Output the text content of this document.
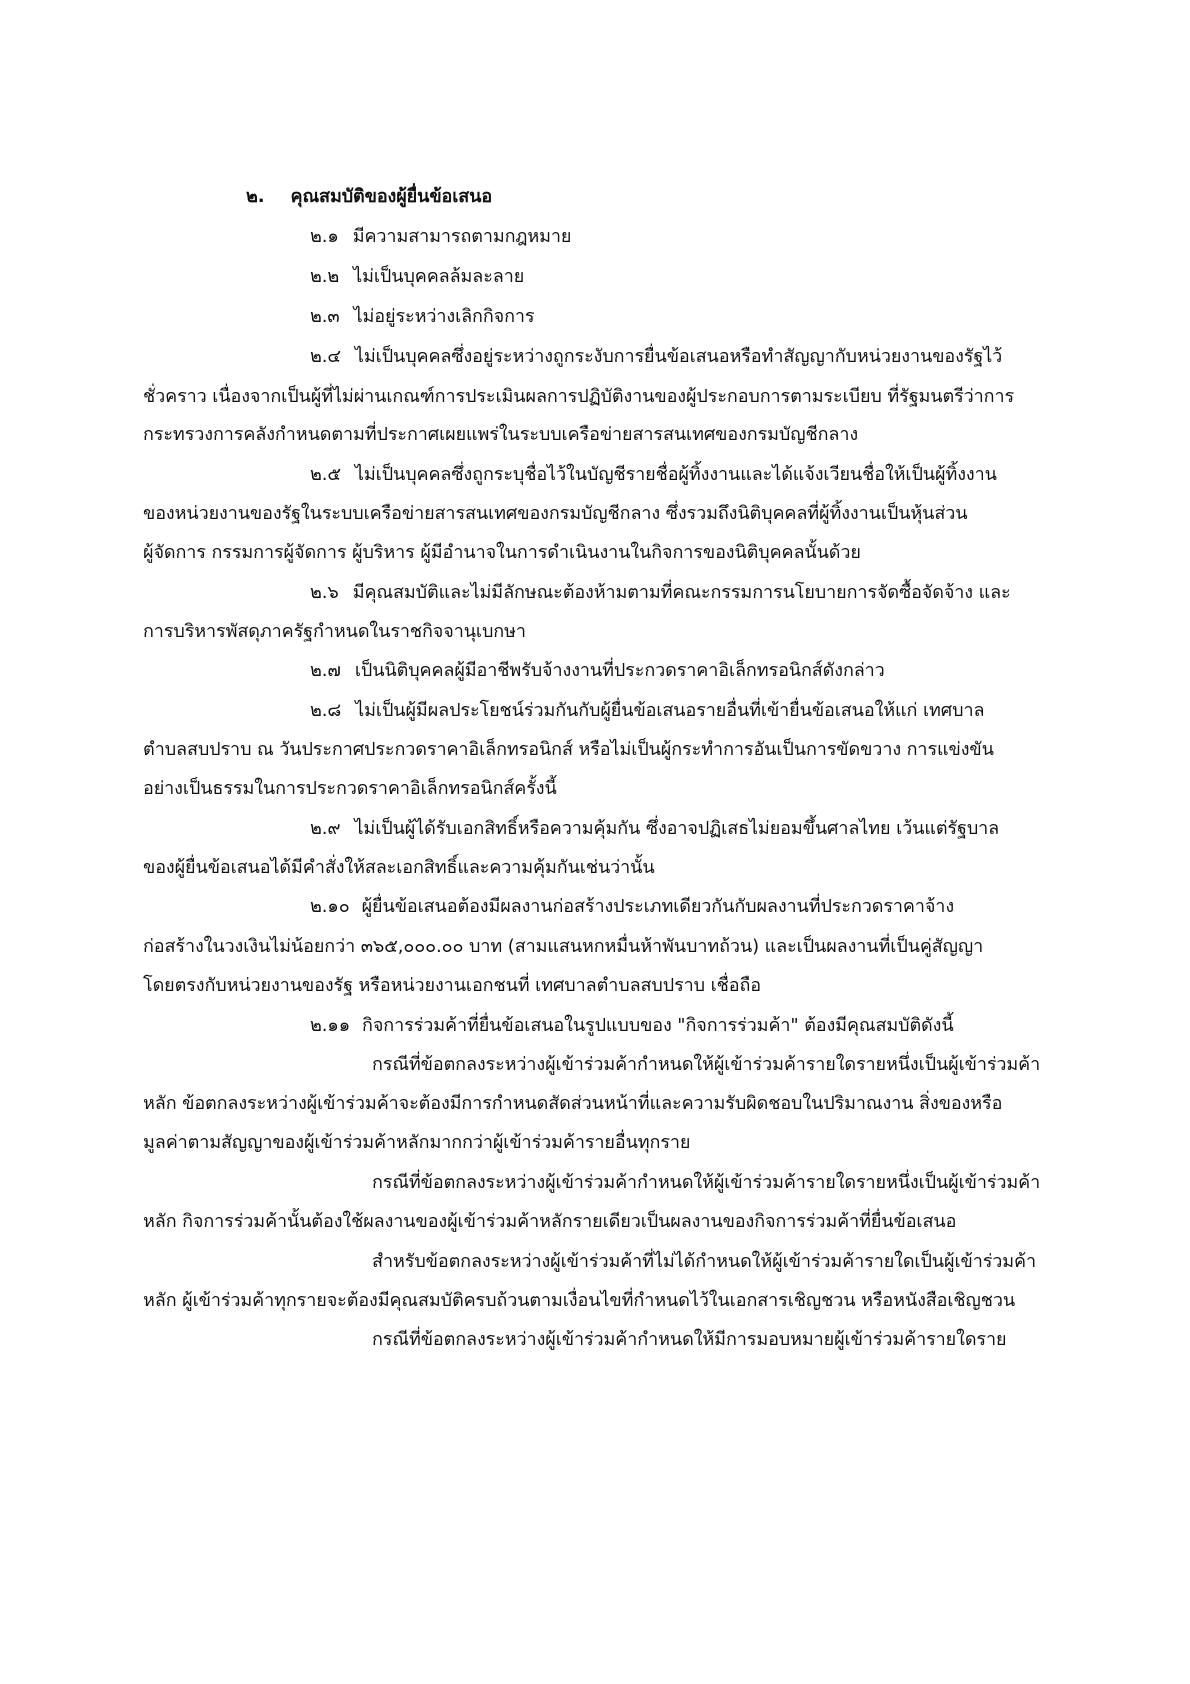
๒. คุณสมบัติของผู้ยื่นข้อเสนอ
๒.๑ มีความสามารถตามกฎหมาย
๒.๒ ไม่เป็นบุคคลล้มละลาย
๒.๓ ไม่อยู่ระหว่างเลิกกิจการ
๒.๔ ไม่เป็นบุคคลซึ่งอยู่ระหว่างถูกระงับการยื่นข้อเสนอหรือทำสัญญากับหน่วยงานของรัฐไว้
ชั่วคราว เนื่องจากเป็นผู้ที่ไม่ผ่านเกณฑ์การประเมินผลการปฏิบัติงานของผู้ประกอบการตามระเบียบ ที่รัฐมนตรีว่าการ
กระทรวงการคลังกำหนดตามที่ประกาศเผยแพร่ในระบบเครือข่ายสารสนเทศของกรมบัญชีกลาง
๒.๕ ไม่เป็นบุคคลซึ่งถูกระบุชื่อไว้ในบัญชีรายชื่อผู้ทิ้งงานและได้แจ้งเวียนชื่อให้เป็นผู้ทิ้งงาน
ของหน่วยงานของรัฐในระบบเครือข่ายสารสนเทศของกรมบัญชีกลาง ซึ่งรวมถึงนิติบุคคลที่ผู้ทิ้งงานเป็นหุ้นส่วน
ผู้จัดการ กรรมการผู้จัดการ ผู้บริหาร ผู้มีอำนาจในการดำเนินงานในกิจการของนิติบุคคลนั้นด้วย
๒.๖ มีคุณสมบัติและไม่มีลักษณะต้องห้ามตามที่คณะกรรมการนโยบายการจัดซื้อจัดจ้าง และ
การบริหารพัสดุภาครัฐกำหนดในราชกิจจานุเบกษา
๒.๗ เป็นนิติบุคคลผู้มีอาชีพรับจ้างงานที่ประกวดราคาอิเล็กทรอนิกส์ดังกล่าว
๒.๘ ไม่เป็นผู้มีผลประโยชน์ร่วมกันกับผู้ยื่นข้อเสนอรายอื่นที่เข้ายื่นข้อเสนอให้แก่ เทศบาล
ตำบลสบปราบ ณ วันประกาศประกวดราคาอิเล็กทรอนิกส์ หรือไม่เป็นผู้กระทำการอันเป็นการขัดขวาง การแข่งขัน
อย่างเป็นธรรมในการประกวดราคาอิเล็กทรอนิกส์ครั้งนี้
๒.๙ ไม่เป็นผู้ได้รับเอกสิทธิ์หรือความคุ้มกัน ซึ่งอาจปฏิเสธไม่ยอมขึ้นศาลไทย เว้นแต่รัฐบาล
ของผู้ยื่นข้อเสนอได้มีคำสั่งให้สละเอกสิทธิ์และความคุ้มกันเช่นว่านั้น
๒.๑๐ ผู้ยื่นข้อเสนอต้องมีผลงานก่อสร้างประเภทเดียวกันกับผลงานที่ประกวดราคาจ้าง
ก่อสร้างในวงเงินไม่น้อยกว่า ๓๖๕,๐๐๐.๐๐ บาท (สามแสนหกหมื่นห้าพันบาทถ้วน) และเป็นผลงานที่เป็นคู่สัญญา
โดยตรงกับหน่วยงานของรัฐ หรือหน่วยงานเอกชนที่ เทศบาลตำบลสบปราบ เชื่อถือ
๒.๑๑ กิจการร่วมค้าที่ยื่นข้อเสนอในรูปแบบของ "กิจการร่วมค้า" ต้องมีคุณสมบัติดังนี้
กรณีที่ข้อตกลงระหว่างผู้เข้าร่วมค้ากำหนดให้ผู้เข้าร่วมค้ารายใดรายหนึ่งเป็นผู้เข้าร่วมค้า
หลัก ข้อตกลงระหว่างผู้เข้าร่วมค้าจะต้องมีการกำหนดสัดส่วนหน้าที่และความรับผิดชอบในปริมาณงาน สิ่งของหรือ
มูลค่าตามสัญญาของผู้เข้าร่วมค้าหลักมากกว่าผู้เข้าร่วมค้ารายอื่นทุกราย
กรณีที่ข้อตกลงระหว่างผู้เข้าร่วมค้ากำหนดให้ผู้เข้าร่วมค้ารายใดรายหนึ่งเป็นผู้เข้าร่วมค้า
หลัก กิจการร่วมค้านั้นต้องใช้ผลงานของผู้เข้าร่วมค้าหลักรายเดียวเป็นผลงานของกิจการร่วมค้าที่ยื่นข้อเสนอ
สำหรับข้อตกลงระหว่างผู้เข้าร่วมค้าที่ไม่ได้กำหนดให้ผู้เข้าร่วมค้ารายใดเป็นผู้เข้าร่วมค้า
หลัก ผู้เข้าร่วมค้าทุกรายจะต้องมีคุณสมบัติครบถ้วนตามเงื่อนไขที่กำหนดไว้ในเอกสารเชิญชวน หรือหนังสือเชิญชวน
กรณีที่ข้อตกลงระหว่างผู้เข้าร่วมค้ากำหนดให้มีการมอบหมายผู้เข้าร่วมค้ารายใดราย
